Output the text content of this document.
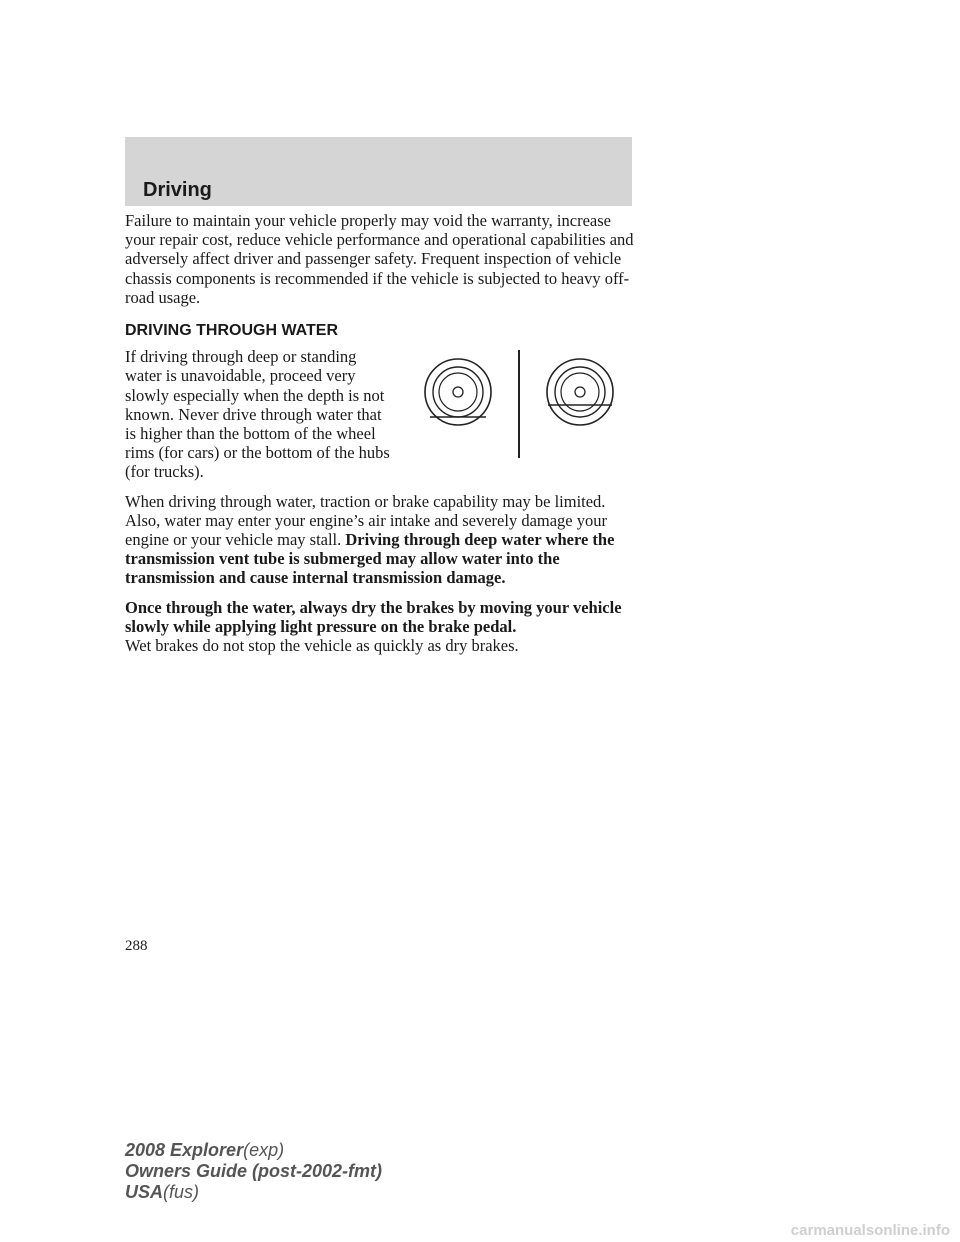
Driving

Failure to maintain your vehicle properly may void the warranty, increase your repair cost, reduce vehicle performance and operational capabilities and adversely affect driver and passenger safety. Frequent inspection of vehicle chassis components is recommended if the vehicle is subjected to heavy off-road usage.

DRIVING THROUGH WATER

If driving through deep or standing water is unavoidable, proceed very slowly especially when the depth is not known. Never drive through water that is higher than the bottom of the wheel rims (for cars) or the bottom of the hubs (for trucks).

When driving through water, traction or brake capability may be limited. Also, water may enter your engine’s air intake and severely damage your engine or your vehicle may stall. Driving through deep water where the transmission vent tube is submerged may allow water into the transmission and cause internal transmission damage.

Once through the water, always dry the brakes by moving your vehicle slowly while applying light pressure on the brake pedal.
Wet brakes do not stop the vehicle as quickly as dry brakes.

288
2008 Explorer(exp)
Owners Guide (post-2002-fmt)
USA(fus)
carmanualsonline.info
